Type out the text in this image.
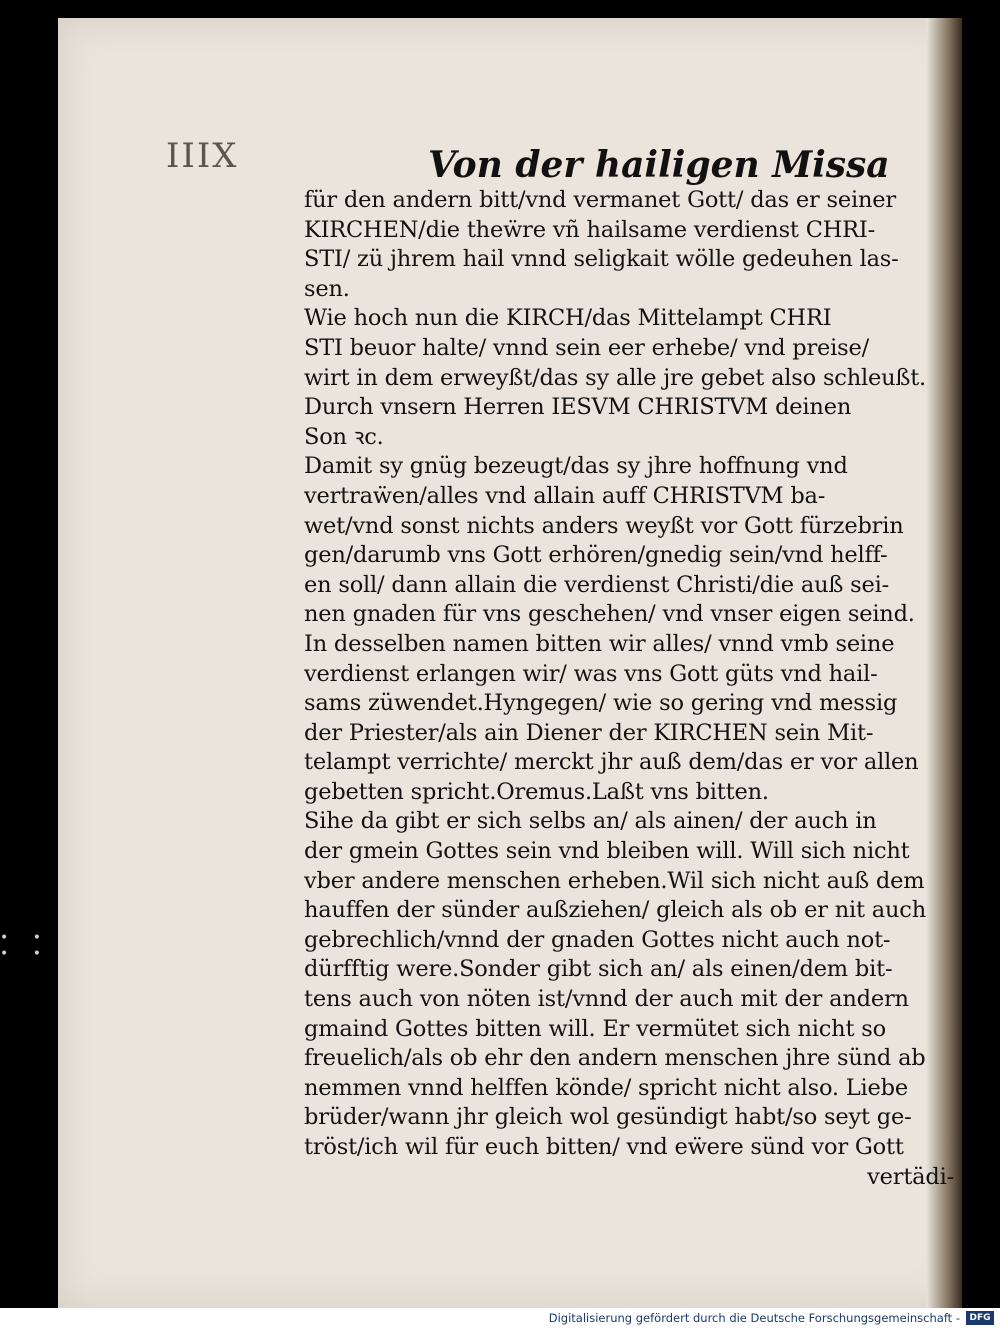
IIIX	Von der hailigen Missa
für den andern bitt/vnd vermanet Gott/ das er seiner
KIRCHEN/die theẅre vñ hailsame verdienst CHRI-
STI/ zü jhrem hail vnnd seligkait wölle gedeuhen las-
sen.
Wie hoch nun die KIRCH/das Mittelampt CHRI
STI beuor halte/ vnnd sein eer erhebe/ vnd preise/
wirt in dem erweyßt/das sy alle jre gebet also schleußt.
Durch vnsern Herren IESVM CHRISTVM deinen
Son ꝛc.
Damit sy gnüg bezeugt/das sy jhre hoffnung vnd
vertraẅen/alles vnd allain auff CHRISTVM ba-
wet/vnd sonst nichts anders weyßt vor Gott fürzebrin
gen/darumb vns Gott erhören/gnedig sein/vnd helff-
en soll/ dann allain die verdienst Christi/die auß sei-
nen gnaden für vns geschehen/ vnd vnser eigen seind.
In desselben namen bitten wir alles/ vnnd vmb seine
verdienst erlangen wir/ was vns Gott güts vnd hail-
sams züwendet.Hyngegen/ wie so gering vnd messig
der Priester/als ain Diener der KIRCHEN sein Mit-
telampt verrichte/ merckt jhr auß dem/das er vor allen
gebetten spricht.Oremus.Laßt vns bitten.
Sihe da gibt er sich selbs an/ als ainen/ der auch in
der gmein Gottes sein vnd bleiben will. Will sich nicht
vber andere menschen erheben.Wil sich nicht auß dem
hauffen der sünder außziehen/ gleich als ob er nit auch
gebrechlich/vnnd der gnaden Gottes nicht auch not-
dürfftig were.Sonder gibt sich an/ als einen/dem bit-
tens auch von nöten ist/vnnd der auch mit der andern
gmaind Gottes bitten will. Er vermütet sich nicht so
freuelich/als ob ehr den andern menschen jhre sünd ab
nemmen vnnd helffen könde/ spricht nicht also. Liebe
brüder/wann jhr gleich wol gesündigt habt/so seyt ge-
tröst/ich wil für euch bitten/ vnd eẅere sünd vor Gott
vertädi-
• • • •
Digitalisierung gefördert durch die Deutsche Forschungsgemeinschaft -	DFG
